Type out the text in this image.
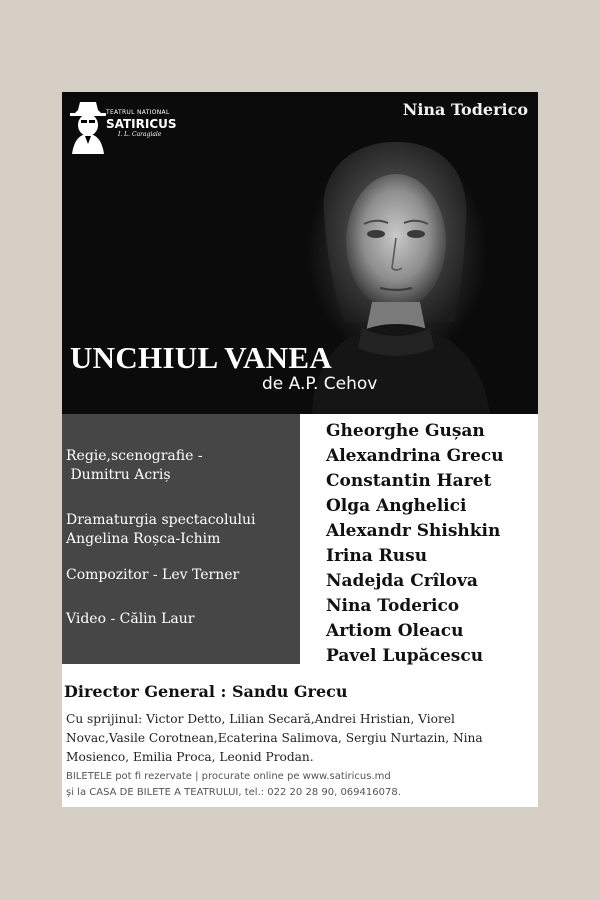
TEATRUL NATIONAL
SATIRICUS
I. L. Caragiale
Nina Toderico
UNCHIUL VANEA
de A.P. Cehov
Regie,scenografie -
Dumitru Acriș
Dramaturgia spectacolului
Angelina Roșca-Ichim
Compozitor - Lev Terner
Video - Călin Laur
Gheorghe Gușan
Alexandrina Grecu
Constantin Haret
Olga Anghelici
Alexandr Shishkin
Irina Rusu
Nadejda Crîlova
Nina Toderico
Artiom Oleacu
Pavel Lupăcescu
Director General : Sandu Grecu
Cu sprijinul: Victor Detto, Lilian Secară,Andrei Hristian, Viorel Novac,Vasile Corotnean,Ecaterina Salimova, Sergiu Nurtazin, Nina Mosienco, Emilia Proca, Leonid Prodan.
BILETELE pot fi rezervate | procurate online pe www.satiricus.md
și la CASA DE BILETE A TEATRULUI, tel.: 022 20 28 90, 069416078.
